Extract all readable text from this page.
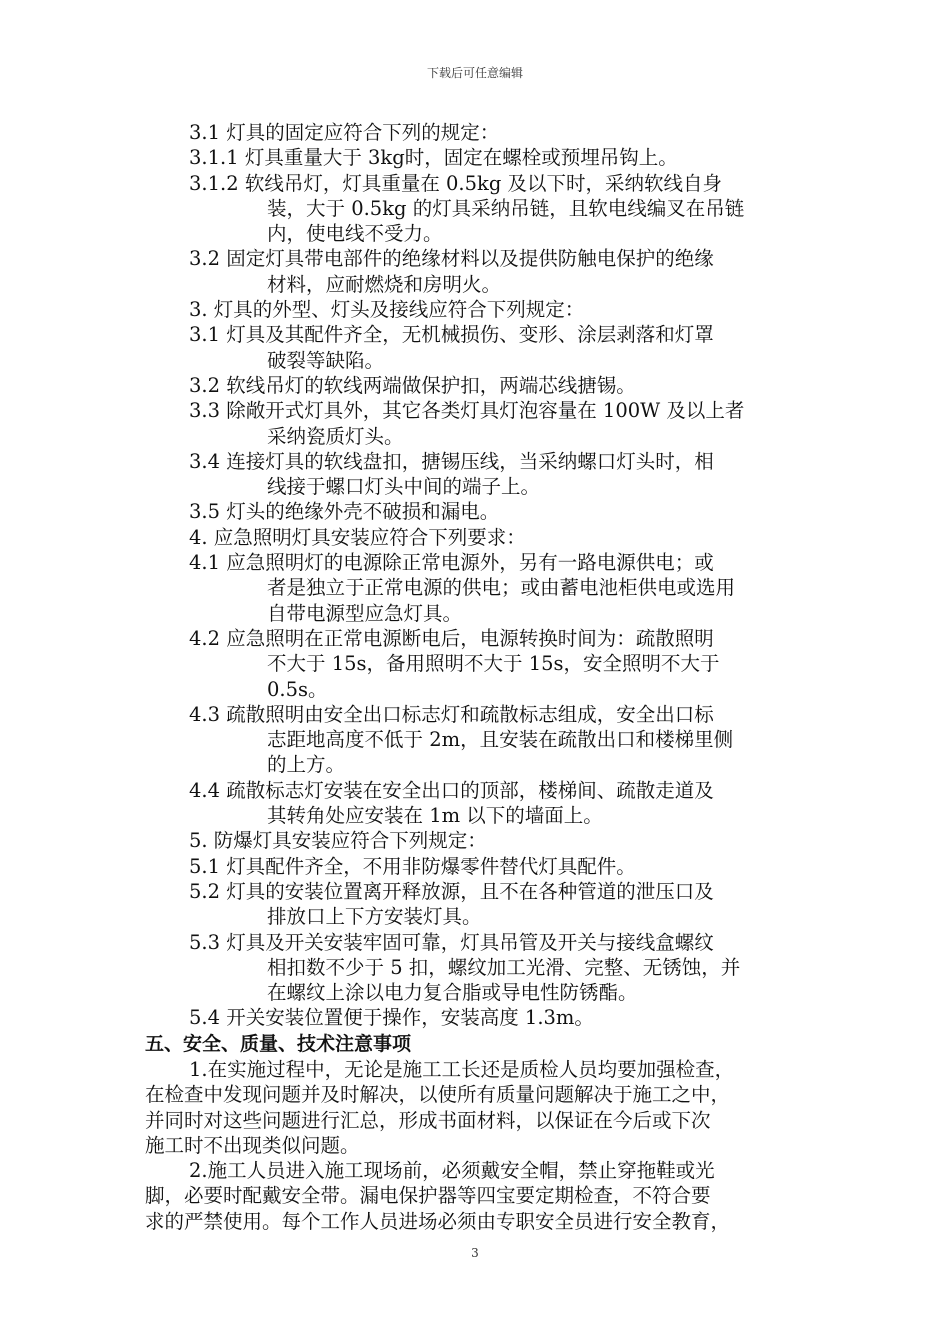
下载后可任意编辑
3.1 灯具的固定应符合下列的规定：
3.1.1 灯具重量大于 3kg时，固定在螺栓或预埋吊钩上。
3.1.2 软线吊灯，灯具重量在 0.5kg 及以下时，采纳软线自身
装，大于 0.5kg 的灯具采纳吊链，且软电线编叉在吊链
内，使电线不受力。
3.2 固定灯具带电部件的绝缘材料以及提供防触电保护的绝缘
材料，应耐燃烧和房明火。
3. 灯具的外型、灯头及接线应符合下列规定：
3.1 灯具及其配件齐全，无机械损伤、变形、涂层剥落和灯罩
破裂等缺陷。
3.2 软线吊灯的软线两端做保护扣，两端芯线搪锡。
3.3 除敞开式灯具外，其它各类灯具灯泡容量在 100W 及以上者
采纳瓷质灯头。
3.4 连接灯具的软线盘扣，搪锡压线，当采纳螺口灯头时，相
线接于螺口灯头中间的端子上。
3.5 灯头的绝缘外壳不破损和漏电。
4. 应急照明灯具安装应符合下列要求：
4.1 应急照明灯的电源除正常电源外，另有一路电源供电；或
者是独立于正常电源的供电；或由蓄电池柜供电或选用
自带电源型应急灯具。
4.2 应急照明在正常电源断电后，电源转换时间为：疏散照明
不大于 15s，备用照明不大于 15s，安全照明不大于
0.5s。
4.3 疏散照明由安全出口标志灯和疏散标志组成，安全出口标
志距地高度不低于 2m，且安装在疏散出口和楼梯里侧
的上方。
4.4 疏散标志灯安装在安全出口的顶部，楼梯间、疏散走道及
其转角处应安装在 1m 以下的墙面上。
5. 防爆灯具安装应符合下列规定：
5.1 灯具配件齐全，不用非防爆零件替代灯具配件。
5.2 灯具的安装位置离开释放源，且不在各种管道的泄压口及
排放口上下方安装灯具。
5.3 灯具及开关安装牢固可靠，灯具吊管及开关与接线盒螺纹
相扣数不少于 5 扣，螺纹加工光滑、完整、无锈蚀，并
在螺纹上涂以电力复合脂或导电性防锈酯。
5.4 开关安装位置便于操作，安装高度 1.3m。
五、安全、质量、技术注意事项
1.在实施过程中，无论是施工工长还是质检人员均要加强检查，
在检查中发现问题并及时解决，以使所有质量问题解决于施工之中，
并同时对这些问题进行汇总，形成书面材料，以保证在今后或下次
施工时不出现类似问题。
2.施工人员进入施工现场前，必须戴安全帽，禁止穿拖鞋或光
脚，必要时配戴安全带。漏电保护器等四宝要定期检查，不符合要
求的严禁使用。每个工作人员进场必须由专职安全员进行安全教育，
3
